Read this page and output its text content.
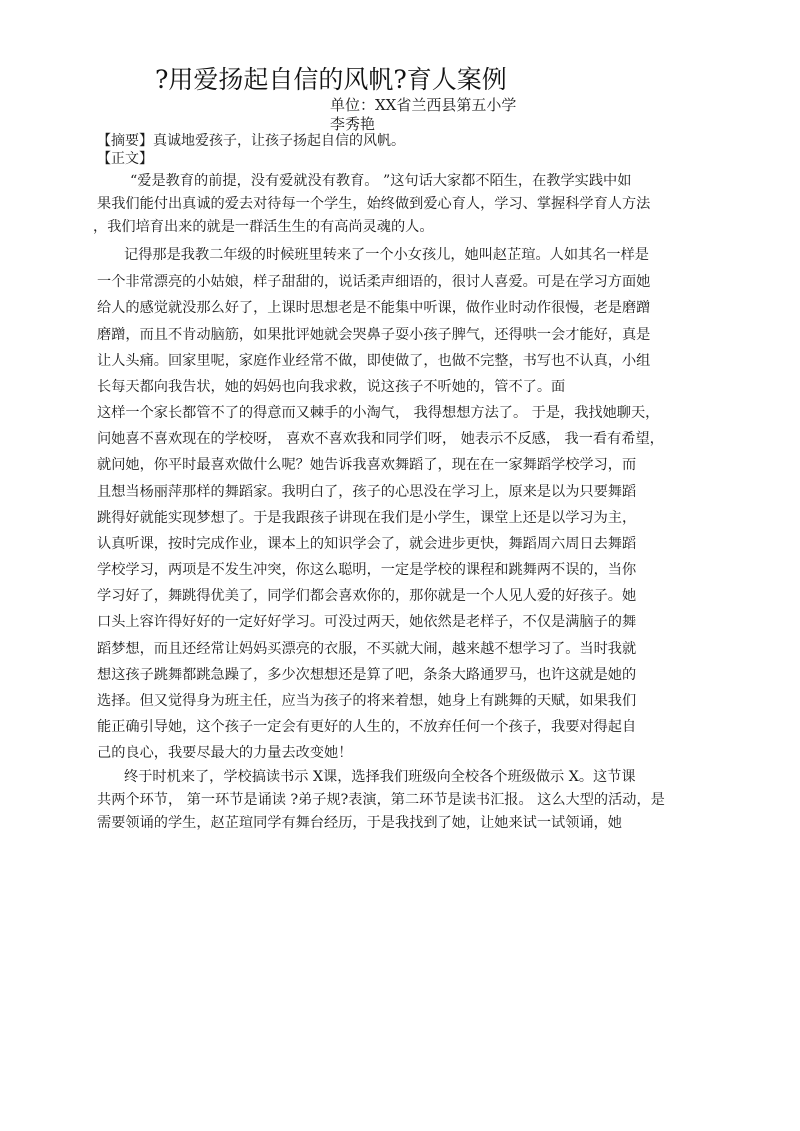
?用爱扬起自信的风帆?育人案例
单位：XX省兰西县第五小学
李秀艳
【摘要】真诚地爱孩子，让孩子扬起自信的风帆。
【正文】
“爱是教育的前提，没有爱就没有教育。 ”这句话大家都不陌生，在教学实践中如
果我们能付出真诚的爱去对待每一个学生，始终做到爱心育人，学习、掌握科学育人方法
，我们培育出来的就是一群活生生的有高尚灵魂的人。
记得那是我教二年级的时候班里转来了一个小女孩儿，她叫赵芷瑄。人如其名一样是
一个非常漂亮的小姑娘，样子甜甜的，说话柔声细语的，很讨人喜爱。可是在学习方面她
给人的感觉就没那么好了，上课时思想老是不能集中听课，做作业时动作很慢，老是磨蹭
磨蹭，而且不肯动脑筋，如果批评她就会哭鼻子耍小孩子脾气，还得哄一会才能好，真是
让人头痛。回家里呢，家庭作业经常不做，即使做了，也做不完整，书写也不认真，小组
长每天都向我告状，她的妈妈也向我求救，说这孩子不听她的，管不了。面
这样一个家长都管不了的得意而又棘手的小淘气， 我得想想方法了。 于是，我找她聊天，
问她喜不喜欢现在的学校呀， 喜欢不喜欢我和同学们呀， 她表示不反感， 我一看有希望，
就问她，你平时最喜欢做什么呢？她告诉我喜欢舞蹈了，现在在一家舞蹈学校学习，而
且想当杨丽萍那样的舞蹈家。我明白了，孩子的心思没在学习上，原来是以为只要舞蹈
跳得好就能实现梦想了。于是我跟孩子讲现在我们是小学生，课堂上还是以学习为主，
认真听课，按时完成作业，课本上的知识学会了，就会进步更快，舞蹈周六周日去舞蹈
学校学习，两项是不发生冲突，你这么聪明，一定是学校的课程和跳舞两不误的，当你
学习好了，舞跳得优美了，同学们都会喜欢你的，那你就是一个人见人爱的好孩子。她
口头上容许得好好的一定好好学习。可没过两天，她依然是老样子，不仅是满脑子的舞
蹈梦想，而且还经常让妈妈买漂亮的衣服，不买就大闹，越来越不想学习了。当时我就
想这孩子跳舞都跳急躁了，多少次想想还是算了吧，条条大路通罗马，也许这就是她的
选择。但又觉得身为班主任，应当为孩子的将来着想，她身上有跳舞的天赋，如果我们
能正确引导她，这个孩子一定会有更好的人生的，不放弃任何一个孩子，我要对得起自
己的良心，我要尽最大的力量去改变她！
终于时机来了，学校搞读书示 X课，选择我们班级向全校各个班级做示 X。这节课
共两个环节， 第一环节是诵读 ?弟子规?表演，第二环节是读书汇报。 这么大型的活动，是
需要领诵的学生，赵芷瑄同学有舞台经历，于是我找到了她，让她来试一试领诵，她
